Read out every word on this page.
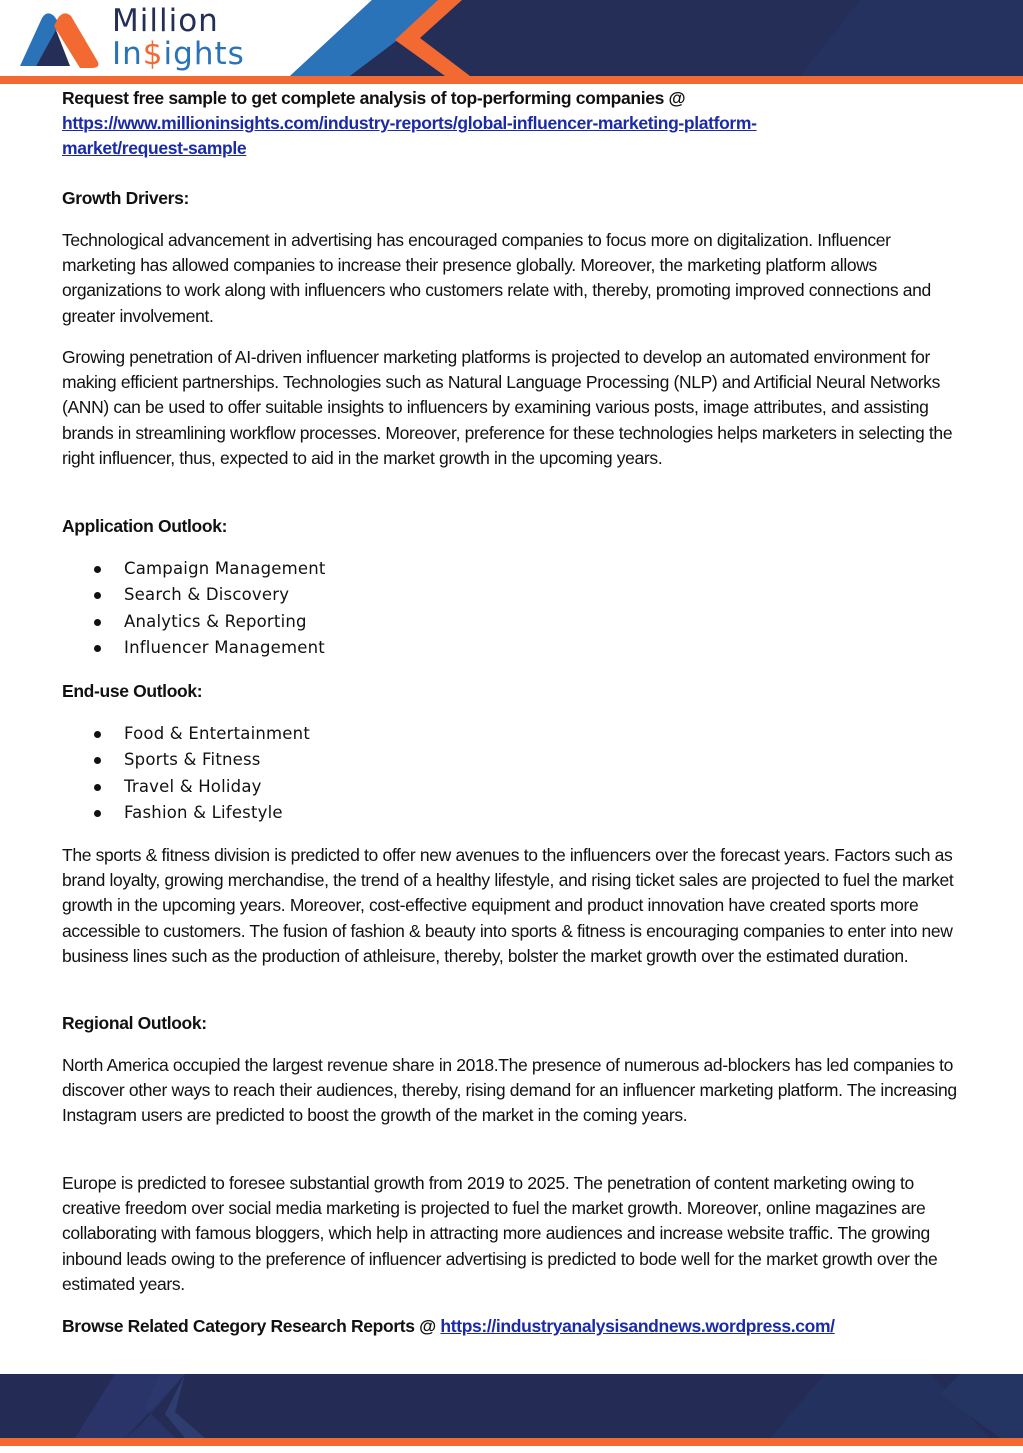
Million
In$ights

Request free sample to get complete analysis of top-performing companies @

https://www.millioninsights.com/industry-reports/global-influencer-marketing-platform-
market/request-sample

Growth Drivers:

Technological advancement in advertising has encouraged companies to focus more on digitalization. Influencer marketing has allowed companies to increase their presence globally. Moreover, the marketing platform allows organizations to work along with influencers who customers relate with, thereby, promoting improved connections and greater involvement.

Growing penetration of AI-driven influencer marketing platforms is projected to develop an automated environment for making efficient partnerships. Technologies such as Natural Language Processing (NLP) and Artificial Neural Networks (ANN) can be used to offer suitable insights to influencers by examining various posts, image attributes, and assisting brands in streamlining workflow processes. Moreover, preference for these technologies helps marketers in selecting the right influencer, thus, expected to aid in the market growth in the upcoming years.

Application Outlook:

Campaign Management
Search & Discovery
Analytics & Reporting
Influencer Management

End-use Outlook:

Food & Entertainment
Sports & Fitness
Travel & Holiday
Fashion & Lifestyle

The sports & fitness division is predicted to offer new avenues to the influencers over the forecast years. Factors such as brand loyalty, growing merchandise, the trend of a healthy lifestyle, and rising ticket sales are projected to fuel the market growth in the upcoming years. Moreover, cost-effective equipment and product innovation have created sports more accessible to customers. The fusion of fashion & beauty into sports & fitness is encouraging companies to enter into new business lines such as the production of athleisure, thereby, bolster the market growth over the estimated duration.

Regional Outlook:

North America occupied the largest revenue share in 2018.The presence of numerous ad-blockers has led companies to discover other ways to reach their audiences, thereby, rising demand for an influencer marketing platform. The increasing Instagram users are predicted to boost the growth of the market in the coming years.

Europe is predicted to foresee substantial growth from 2019 to 2025. The penetration of content marketing owing to creative freedom over social media marketing is projected to fuel the market growth. Moreover, online magazines are collaborating with famous bloggers, which help in attracting more audiences and increase website traffic. The growing inbound leads owing to the preference of influencer advertising is predicted to bode well for the market growth over the estimated years.

Browse Related Category Research Reports @ https://industryanalysisandnews.wordpress.com/
